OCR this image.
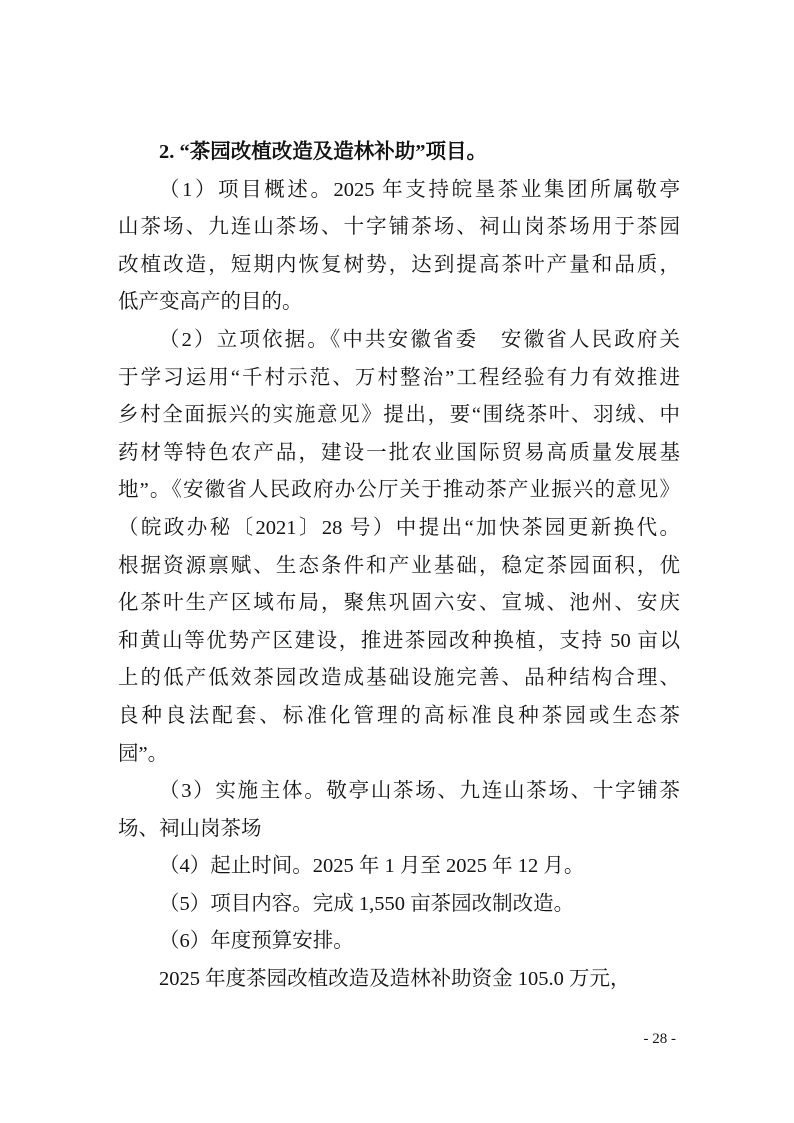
2. “茶园改植改造及造林补助”项目。
（1）项目概述。2025 年支持皖垦茶业集团所属敬亭
山茶场、九连山茶场、十字铺茶场、祠山岗茶场用于茶园
改植改造，短期内恢复树势，达到提高茶叶产量和品质，
低产变高产的目的。
（2）立项依据。《中共安徽省委　安徽省人民政府关
于学习运用“千村示范、万村整治”工程经验有力有效推进
乡村全面振兴的实施意见》提出，要“围绕茶叶、羽绒、中
药材等特色农产品，建设一批农业国际贸易高质量发展基
地”。《安徽省人民政府办公厅关于推动茶产业振兴的意见》
（皖政办秘〔2021〕28 号）中提出“加快茶园更新换代。
根据资源禀赋、生态条件和产业基础，稳定茶园面积，优
化茶叶生产区域布局，聚焦巩固六安、宣城、池州、安庆
和黄山等优势产区建设，推进茶园改种换植，支持 50 亩以
上的低产低效茶园改造成基础设施完善、品种结构合理、
良种良法配套、标准化管理的高标准良种茶园或生态茶
园”。
（3）实施主体。敬亭山茶场、九连山茶场、十字铺茶
场、祠山岗茶场
（4）起止时间。2025 年 1 月至 2025 年 12 月。
（5）项目内容。完成 1,550 亩茶园改制改造。
（6）年度预算安排。
2025 年度茶园改植改造及造林补助资金 105.0 万元，
- 28 -
